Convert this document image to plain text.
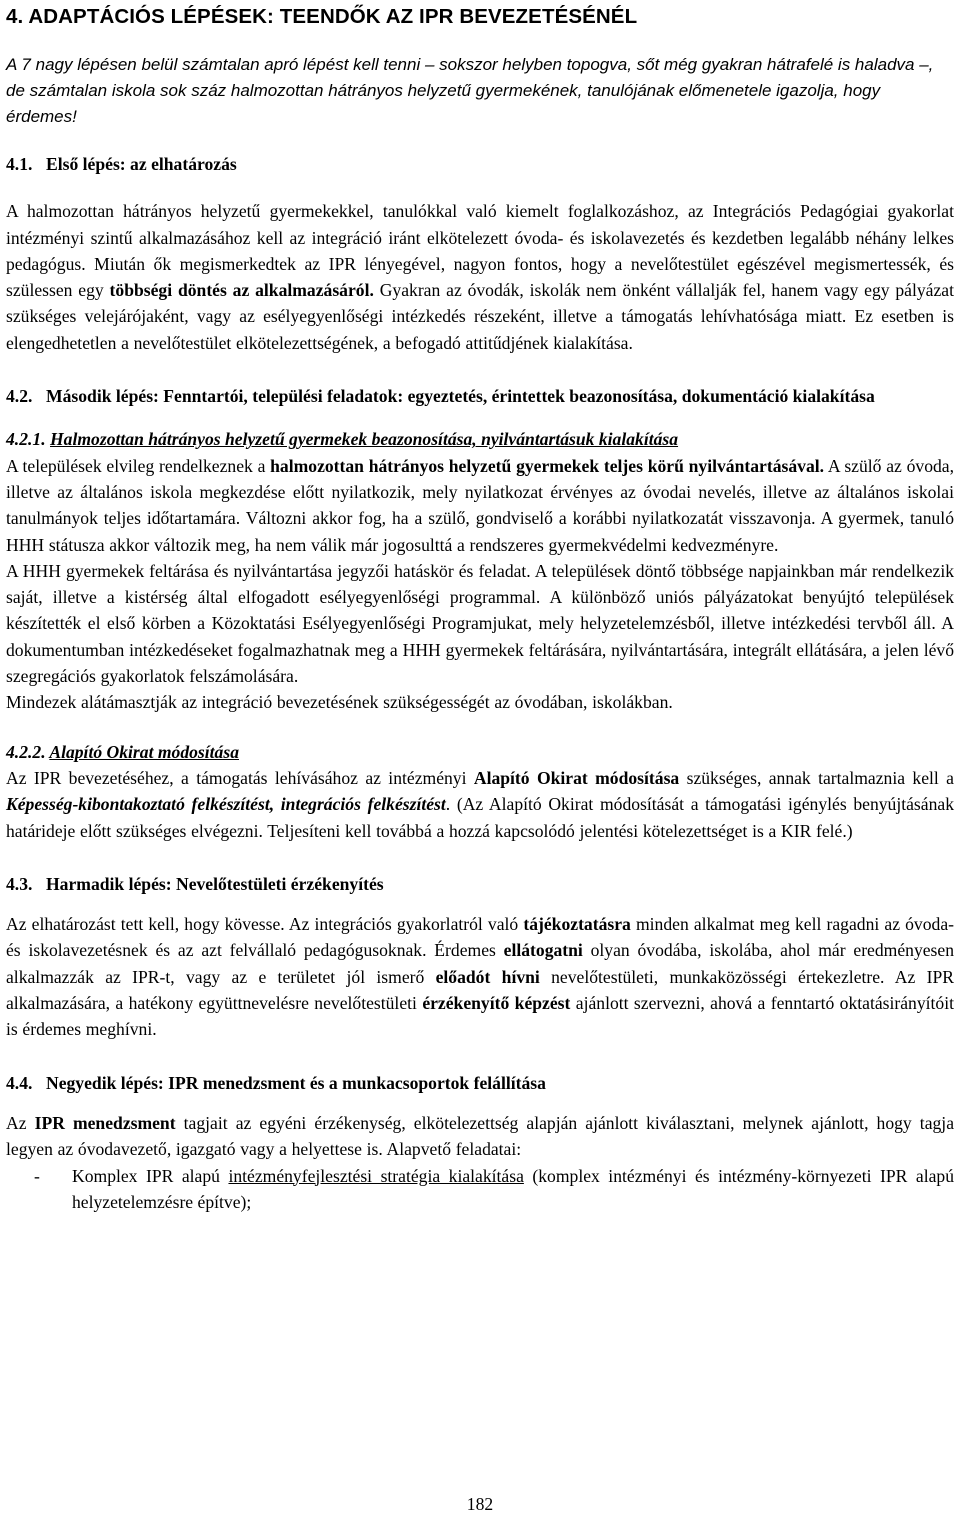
4. ADAPTÁCIÓS LÉPÉSEK: TEENDŐK AZ IPR BEVEZETÉSÉNÉL

A 7 nagy lépésen belül számtalan apró lépést kell tenni – sokszor helyben topogva, sőt még gyakran hátrafelé is haladva –, de számtalan iskola sok száz halmozottan hátrányos helyzetű gyermekének, tanulójának előmenetele igazolja, hogy érdemes!

4.1. Első lépés: az elhatározás

A halmozottan hátrányos helyzetű gyermekekkel, tanulókkal való kiemelt foglalkozáshoz, az Integrációs Pedagógiai gyakorlat intézményi szintű alkalmazásához kell az integráció iránt elkötelezett óvoda- és iskolavezetés és kezdetben legalább néhány lelkes pedagógus. Miután ők megismerkedtek az IPR lényegével, nagyon fontos, hogy a nevelőtestület egészével megismertessék, és szülessen egy többségi döntés az alkalmazásáról. Gyakran az óvodák, iskolák nem önként vállalják fel, hanem vagy egy pályázat szükséges velejárójaként, vagy az esélyegyenlőségi intézkedés részeként, illetve a támogatás lehívhatósága miatt. Ez esetben is elengedhetetlen a nevelőtestület elkötelezettségének, a befogadó attitűdjének kialakítása.

4.2. Második lépés: Fenntartói, települési feladatok: egyeztetés, érintettek beazonosítása, dokumentáció kialakítása
4.2.1. Halmozottan hátrányos helyzetű gyermekek beazonosítása, nyilvántartásuk kialakítása

A települések elvileg rendelkeznek a halmozottan hátrányos helyzetű gyermekek teljes körű nyilvántartásával. A szülő az óvoda, illetve az általános iskola megkezdése előtt nyilatkozik, mely nyilatkozat érvényes az óvodai nevelés, illetve az általános iskolai tanulmányok teljes időtartamára. Változni akkor fog, ha a szülő, gondviselő a korábbi nyilatkozatát visszavonja. A gyermek, tanuló HHH státusza akkor változik meg, ha nem válik már jogosulttá a rendszeres gyermekvédelmi kedvezményre.

A HHH gyermekek feltárása és nyilvántartása jegyzői hatáskör és feladat. A települések döntő többsége napjainkban már rendelkezik saját, illetve a kistérség által elfogadott esélyegyenlőségi programmal. A különböző uniós pályázatokat benyújtó települések készítették el első körben a Közoktatási Esélyegyenlőségi Programjukat, mely helyzetelemzésből, illetve intézkedési tervből áll. A dokumentumban intézkedéseket fogalmazhatnak meg a HHH gyermekek feltárására, nyilvántartására, integrált ellátására, a jelen lévő szegregációs gyakorlatok felszámolására.

Mindezek alátámasztják az integráció bevezetésének szükségességét az óvodában, iskolákban.

4.2.2. Alapító Okirat módosítása

Az IPR bevezetéséhez, a támogatás lehívásához az intézményi Alapító Okirat módosítása szükséges, annak tartalmaznia kell a Képesség-kibontakoztató felkészítést, integrációs felkészítést. (Az Alapító Okirat módosítását a támogatási igénylés benyújtásának határideje előtt szükséges elvégezni. Teljesíteni kell továbbá a hozzá kapcsolódó jelentési kötelezettséget is a KIR felé.)

4.3. Harmadik lépés: Nevelőtestületi érzékenyítés

Az elhatározást tett kell, hogy kövesse. Az integrációs gyakorlatról való tájékoztatásra minden alkalmat meg kell ragadni az óvoda- és iskolavezetésnek és az azt felvállaló pedagógusoknak. Érdemes ellátogatni olyan óvodába, iskolába, ahol már eredményesen alkalmazzák az IPR-t, vagy az e területet jól ismerő előadót hívni nevelőtestületi, munkaközösségi értekezletre. Az IPR alkalmazására, a hatékony együttnevelésre nevelőtestületi érzékenyítő képzést ajánlott szervezni, ahová a fenntartó oktatásirányítóit is érdemes meghívni.

4.4. Negyedik lépés: IPR menedzsment és a munkacsoportok felállítása

Az IPR menedzsment tagjait az egyéni érzékenység, elkötelezettség alapján ajánlott kiválasztani, melynek ajánlott, hogy tagja legyen az óvodavezető, igazgató vagy a helyettese is. Alapvető feladatai:

-	Komplex IPR alapú intézményfejlesztési stratégia kialakítása (komplex intézményi és intézmény-környezeti IPR alapú helyzetelemzésre építve);
182
